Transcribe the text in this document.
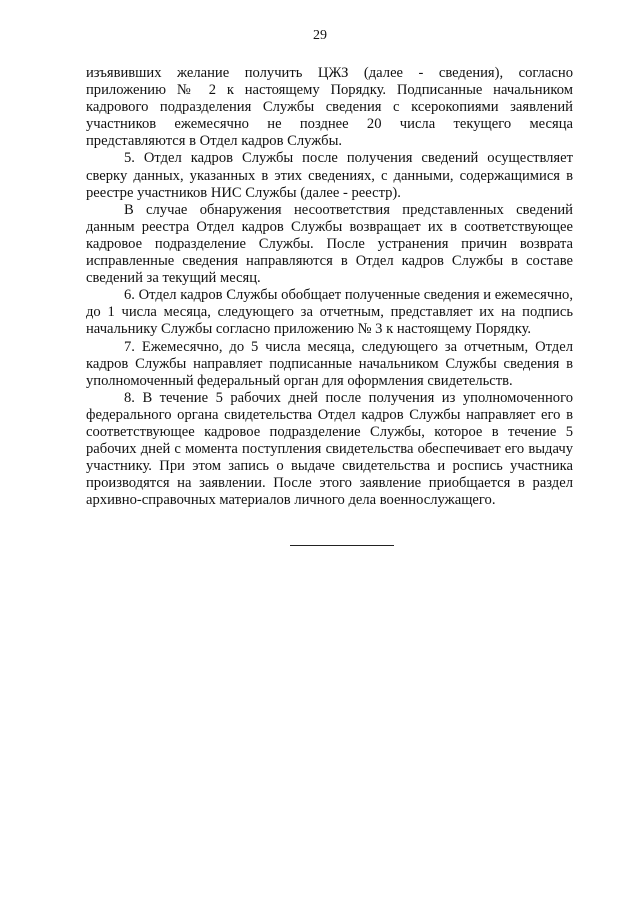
29

изъявивших желание получить ЦЖЗ (далее - сведения), согласно приложению № 2 к настоящему Порядку. Подписанные начальником кадрового подразделения Службы сведения с ксерокопиями заявлений участников ежемесячно не позднее 20 числа текущего месяца представляются в Отдел кадров Службы.

5. Отдел кадров Службы после получения сведений осуществляет сверку данных, указанных в этих сведениях, с данными, содержащимися в реестре участников НИС Службы (далее - реестр).

В случае обнаружения несоответствия представленных сведений данным реестра Отдел кадров Службы возвращает их в соответствующее кадровое подразделение Службы. После устранения причин возврата исправленные сведения направляются в Отдел кадров Службы в составе сведений за текущий месяц.

6. Отдел кадров Службы обобщает полученные сведения и ежемесячно, до 1 числа месяца, следующего за отчетным, представляет их на подпись начальнику Службы согласно приложению № 3 к настоящему Порядку.

7. Ежемесячно, до 5 числа месяца, следующего за отчетным, Отдел кадров Службы направляет подписанные начальником Службы сведения в уполномоченный федеральный орган для оформления свидетельств.

8. В течение 5 рабочих дней после получения из уполномоченного федерального органа свидетельства Отдел кадров Службы направляет его в соответствующее кадровое подразделение Службы, которое в течение 5 рабочих дней с момента поступления свидетельства обеспечивает его выдачу участнику. При этом запись о выдаче свидетельства и роспись участника производятся на заявлении. После этого заявление приобщается в раздел архивно-справочных материалов личного дела военнослужащего.
